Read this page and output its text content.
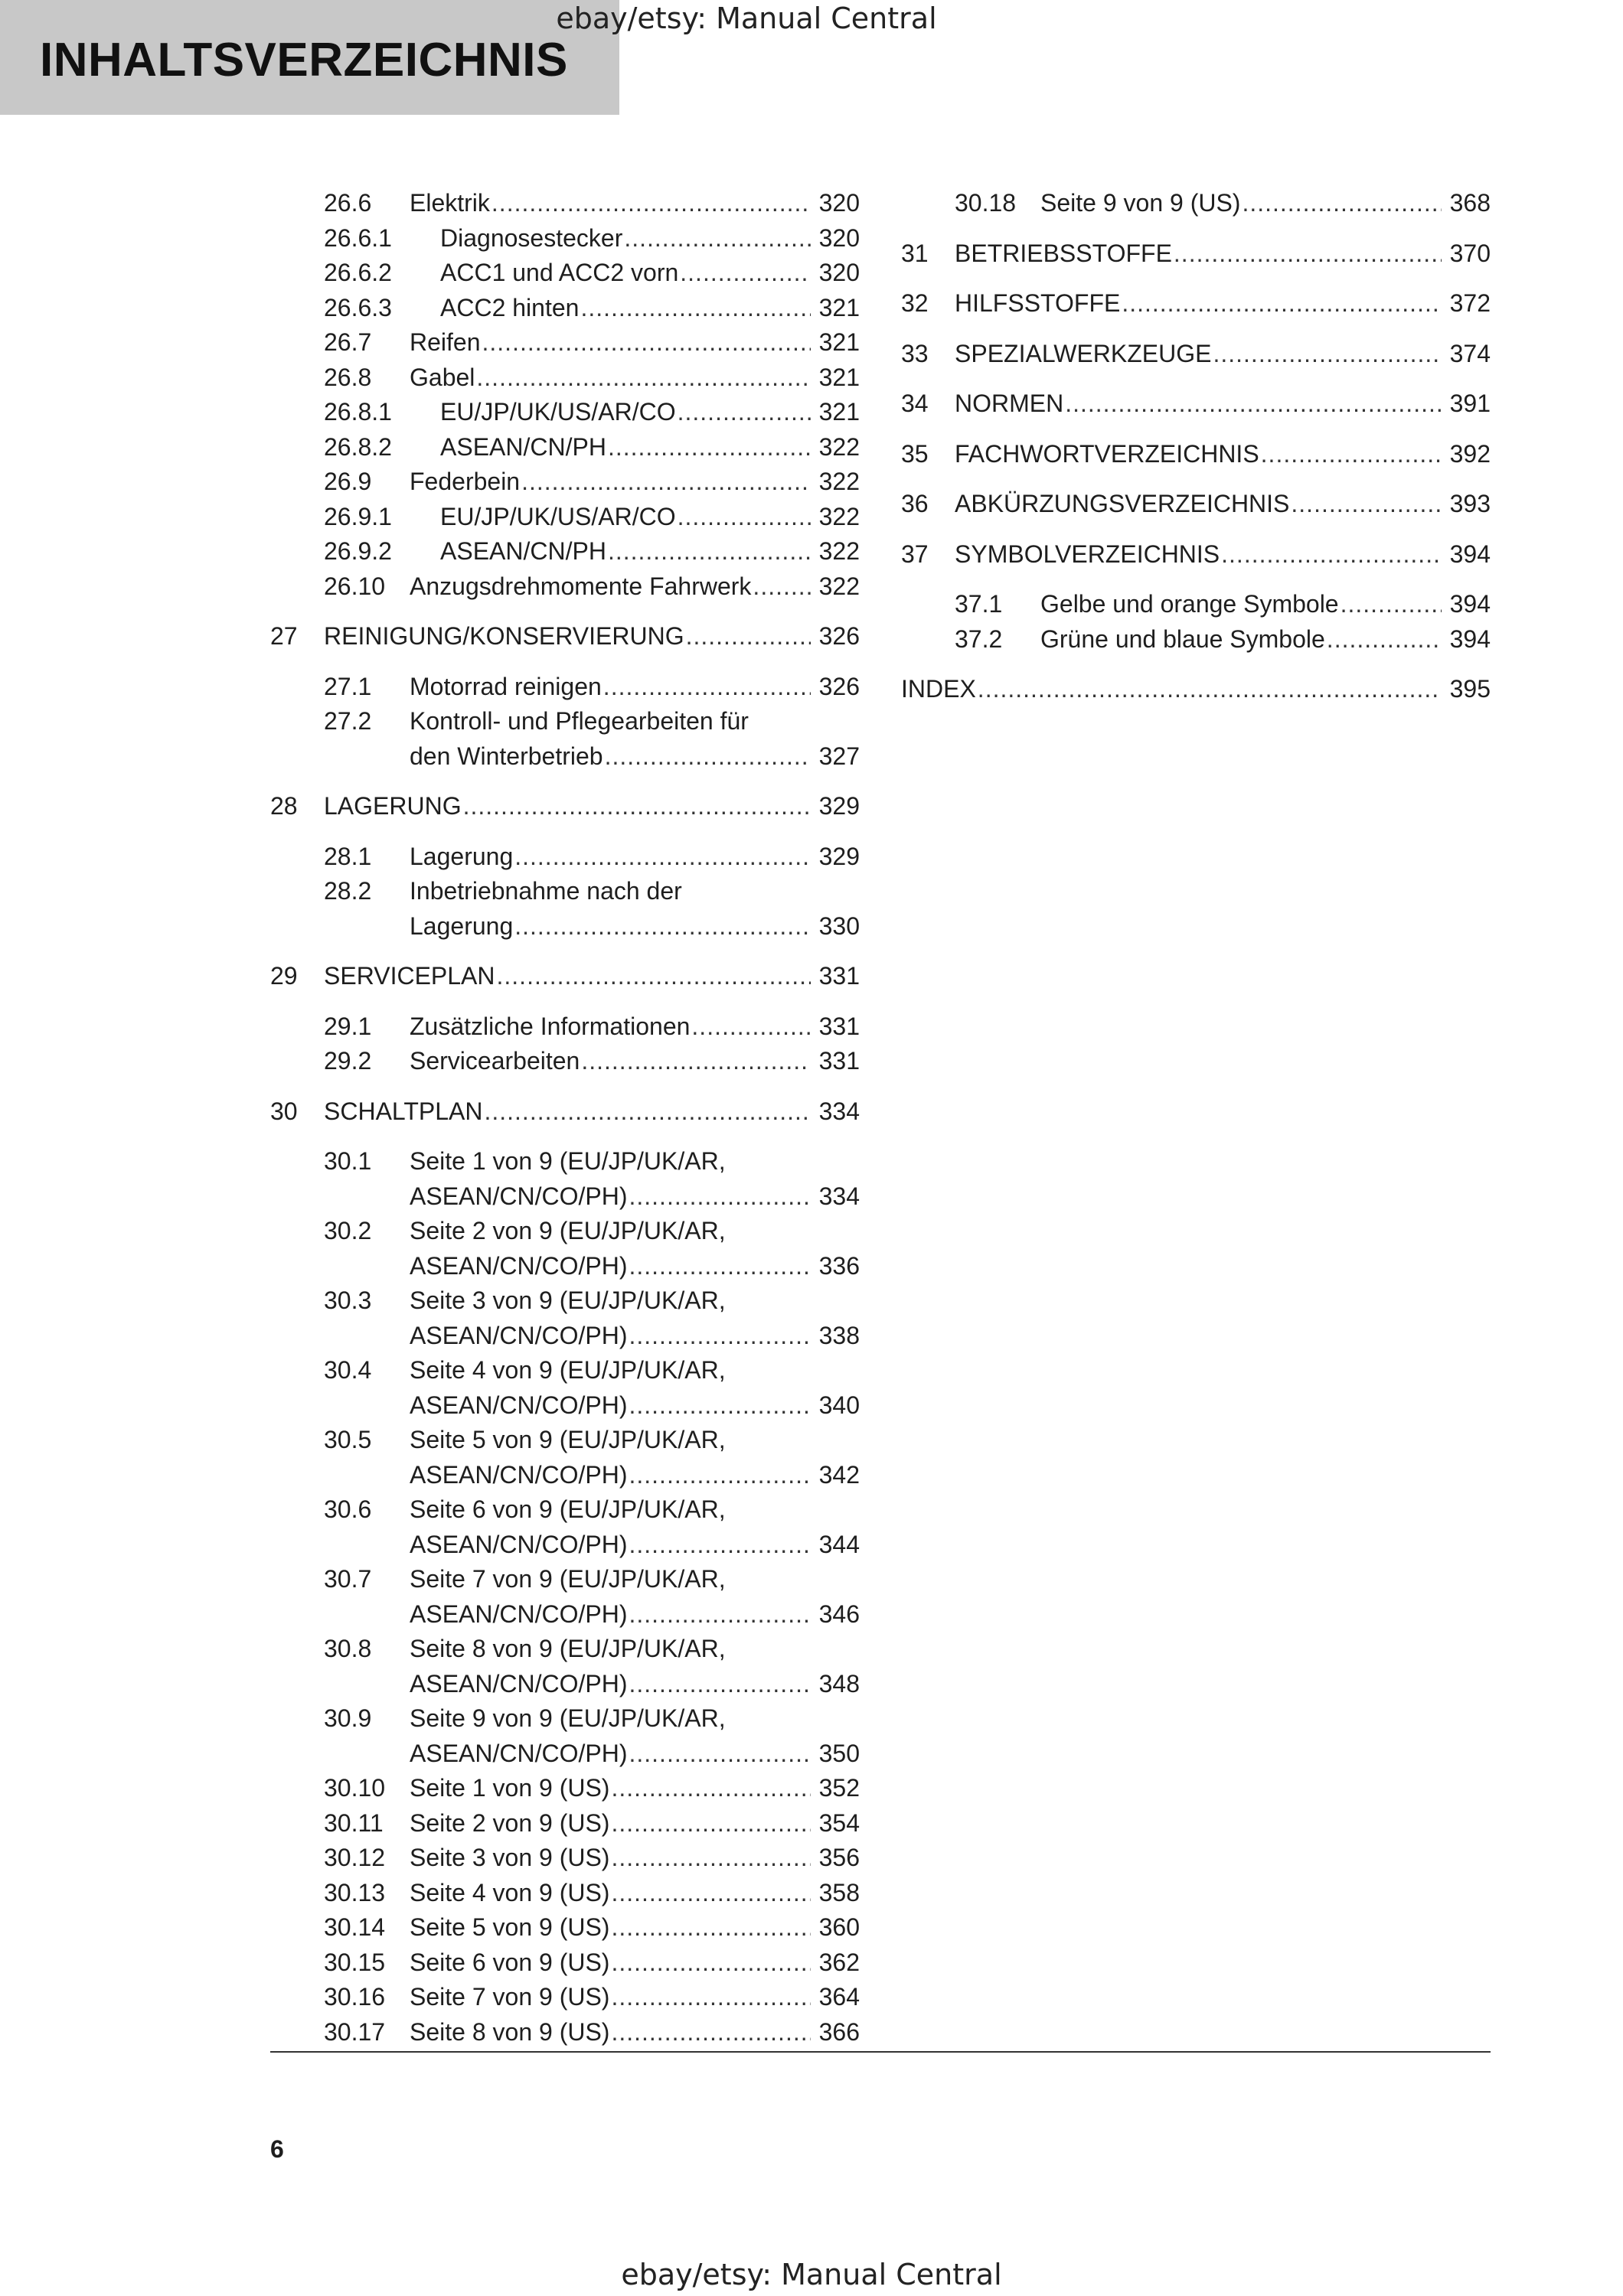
INHALTSVERZEICHNIS
ebay/etsy: Manual Central
26.6 Elektrik .....	320
26.6.1 Diagnosestecker .....	320
26.6.2 ACC1 und ACC2 vorn .....	320
26.6.3 ACC2 hinten .....	321
26.7 Reifen .....	321
26.8 Gabel .....	321
26.8.1 EU/JP/UK/US/AR/CO .....	321
26.8.2 ASEAN/CN/PH .....	322
26.9 Federbein .....	322
26.9.1 EU/JP/UK/US/AR/CO .....	322
26.9.2 ASEAN/CN/PH .....	322
26.10 Anzugsdrehmomente Fahrwerk .....	322
27 REINIGUNG/KONSERVIERUNG .....	326
27.1 Motorrad reinigen .....	326
27.2 Kontroll- und Pflegearbeiten für
den Winterbetrieb .....	327
28 LAGERUNG .....	329
28.1 Lagerung .....	329
28.2 Inbetriebnahme nach der
Lagerung .....	330
29 SERVICEPLAN .....	331
29.1 Zusätzliche Informationen .....	331
29.2 Servicearbeiten .....	331
30 SCHALTPLAN .....	334
30.1 Seite 1 von 9 (EU/JP/UK/AR,
ASEAN/CN/CO/PH) .....	334
30.2 Seite 2 von 9 (EU/JP/UK/AR,
ASEAN/CN/CO/PH) .....	336
30.3 Seite 3 von 9 (EU/JP/UK/AR,
ASEAN/CN/CO/PH) .....	338
30.4 Seite 4 von 9 (EU/JP/UK/AR,
ASEAN/CN/CO/PH) .....	340
30.5 Seite 5 von 9 (EU/JP/UK/AR,
ASEAN/CN/CO/PH) .....	342
30.6 Seite 6 von 9 (EU/JP/UK/AR,
ASEAN/CN/CO/PH) .....	344
30.7 Seite 7 von 9 (EU/JP/UK/AR,
ASEAN/CN/CO/PH) .....	346
30.8 Seite 8 von 9 (EU/JP/UK/AR,
ASEAN/CN/CO/PH) .....	348
30.9 Seite 9 von 9 (EU/JP/UK/AR,
ASEAN/CN/CO/PH) .....	350
30.10 Seite 1 von 9 (US) .....	352
30.11 Seite 2 von 9 (US) .....	354
30.12 Seite 3 von 9 (US) .....	356
30.13 Seite 4 von 9 (US) .....	358
30.14 Seite 5 von 9 (US) .....	360
30.15 Seite 6 von 9 (US) .....	362
30.16 Seite 7 von 9 (US) .....	364
30.17 Seite 8 von 9 (US) .....	366
30.18 Seite 9 von 9 (US) .....	368
31 BETRIEBSSTOFFE .....	370
32 HILFSSTOFFE .....	372
33 SPEZIALWERKZEUGE .....	374
34 NORMEN .....	391
35 FACHWORTVERZEICHNIS .....	392
36 ABKÜRZUNGSVERZEICHNIS .....	393
37 SYMBOLVERZEICHNIS .....	394
37.1 Gelbe und orange Symbole .....	394
37.2 Grüne und blaue Symbole .....	394
INDEX .....	395
6
ebay/etsy: Manual Central
